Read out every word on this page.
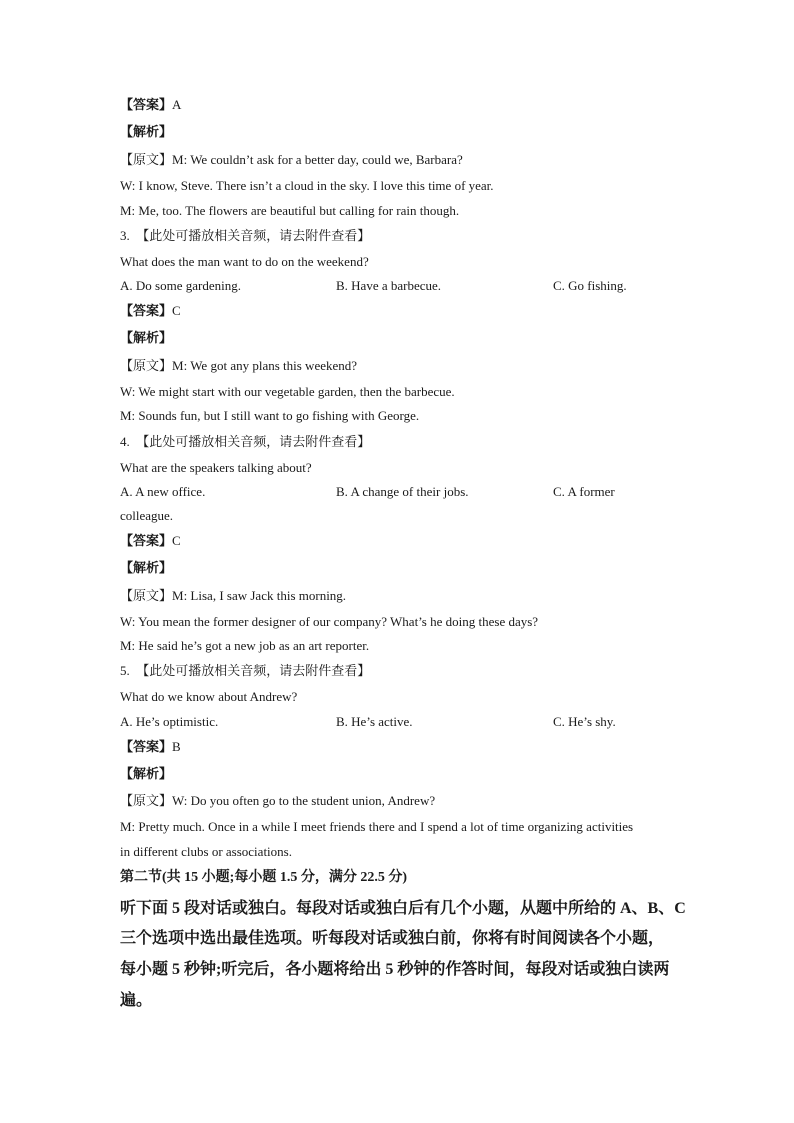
【答案】A
【解析】
【原文】M: We couldn’t ask for a better day, could we, Barbara?
W: I know, Steve. There isn’t a cloud in the sky. I love this time of year.
M: Me, too. The flowers are beautiful but calling for rain though.
3. 【此处可播放相关音频，请去附件查看】
What does the man want to do on the weekend?
A. Do some gardening.	B. Have a barbecue.	C. Go fishing.
【答案】C
【解析】
【原文】M: We got any plans this weekend?
W: We might start with our vegetable garden, then the barbecue.
M: Sounds fun, but I still want to go fishing with George.
4. 【此处可播放相关音频，请去附件查看】
What are the speakers talking about?
A. A new office.	B. A change of their jobs.	C. A former
colleague.
【答案】C
【解析】
【原文】M: Lisa, I saw Jack this morning.
W: You mean the former designer of our company? What’s he doing these days?
M: He said he’s got a new job as an art reporter.
5. 【此处可播放相关音频，请去附件查看】
What do we know about Andrew?
A. He’s optimistic.	B. He’s active.	C. He’s shy.
【答案】B
【解析】
【原文】W: Do you often go to the student union, Andrew?
M: Pretty much. Once in a while I meet friends there and I spend a lot of time organizing activities
in different clubs or associations.
第二节(共 15 小题;每小题 1.5 分，满分 22.5 分)
听下面 5 段对话或独白。每段对话或独白后有几个小题，从题中所给的 A、B、C
三个选项中选出最佳选项。听每段对话或独白前，你将有时间阅读各个小题，
每小题 5 秒钟;听完后，各小题将给出 5 秒钟的作答时间，每段对话或独白读两
遍。
